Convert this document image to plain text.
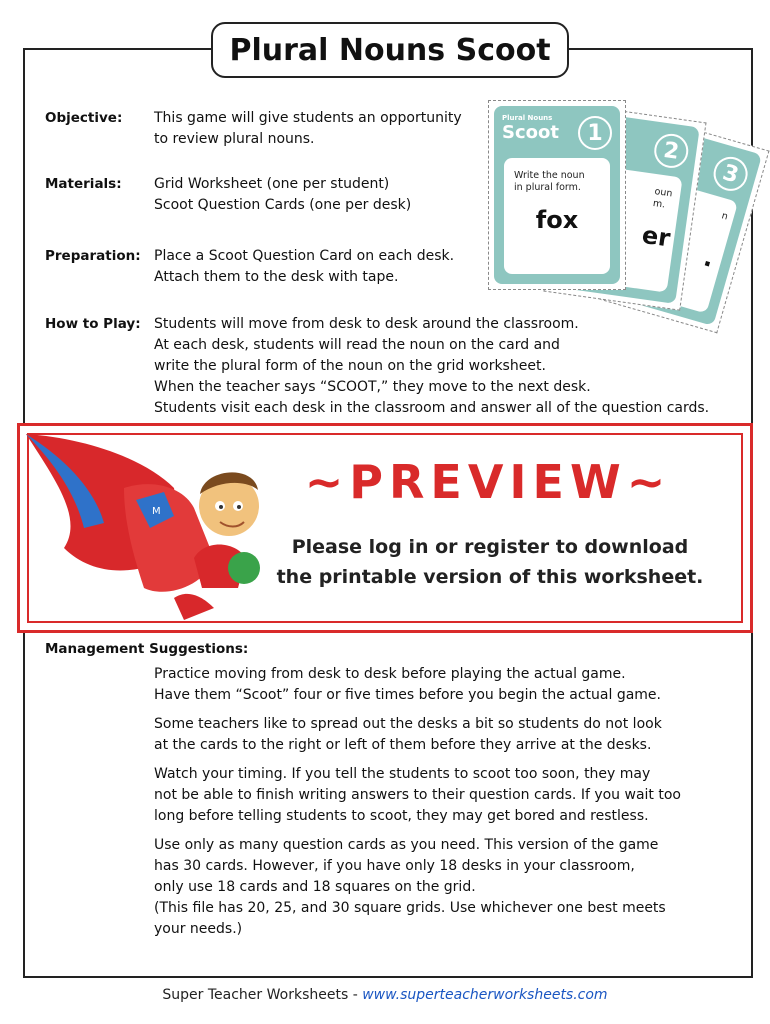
Plural Nouns Scoot
Objective: This game will give students an opportunity
to review plural nouns.
Materials: Grid Worksheet (one per student)
Scoot Question Cards (one per desk)
Preparation: Place a Scoot Question Card on each desk.
Attach them to the desk with tape.
How to Play: Students will move from desk to desk around the classroom.
At each desk, students will read the noun on the card and
write the plural form of the noun on the grid worksheet.
When the teacher says “SCOOT,” they move to the next desk.
Students visit each desk in the classroom and answer all of the question cards.
3
n
.
2
oun
m.
er
Plural Nouns
Scoot	1
Write the noun
in plural form.
fox
M
~PREVIEW~
Please log in or register to download
the printable version of this worksheet.
Management Suggestions:
Practice moving from desk to desk before playing the actual game.
Have them “Scoot” four or five times before you begin the actual game.
Some teachers like to spread out the desks a bit so students do not look
at the cards to the right or left of them before they arrive at the desks.
Watch your timing. If you tell the students to scoot too soon, they may
not be able to finish writing answers to their question cards. If you wait too
long before telling students to scoot, they may get bored and restless.
Use only as many question cards as you need. This version of the game
has 30 cards. However, if you have only 18 desks in your classroom,
only use 18 cards and 18 squares on the grid.
(This file has 20, 25, and 30 square grids. Use whichever one best meets
your needs.)
Super Teacher Worksheets - www.superteacherworksheets.com
